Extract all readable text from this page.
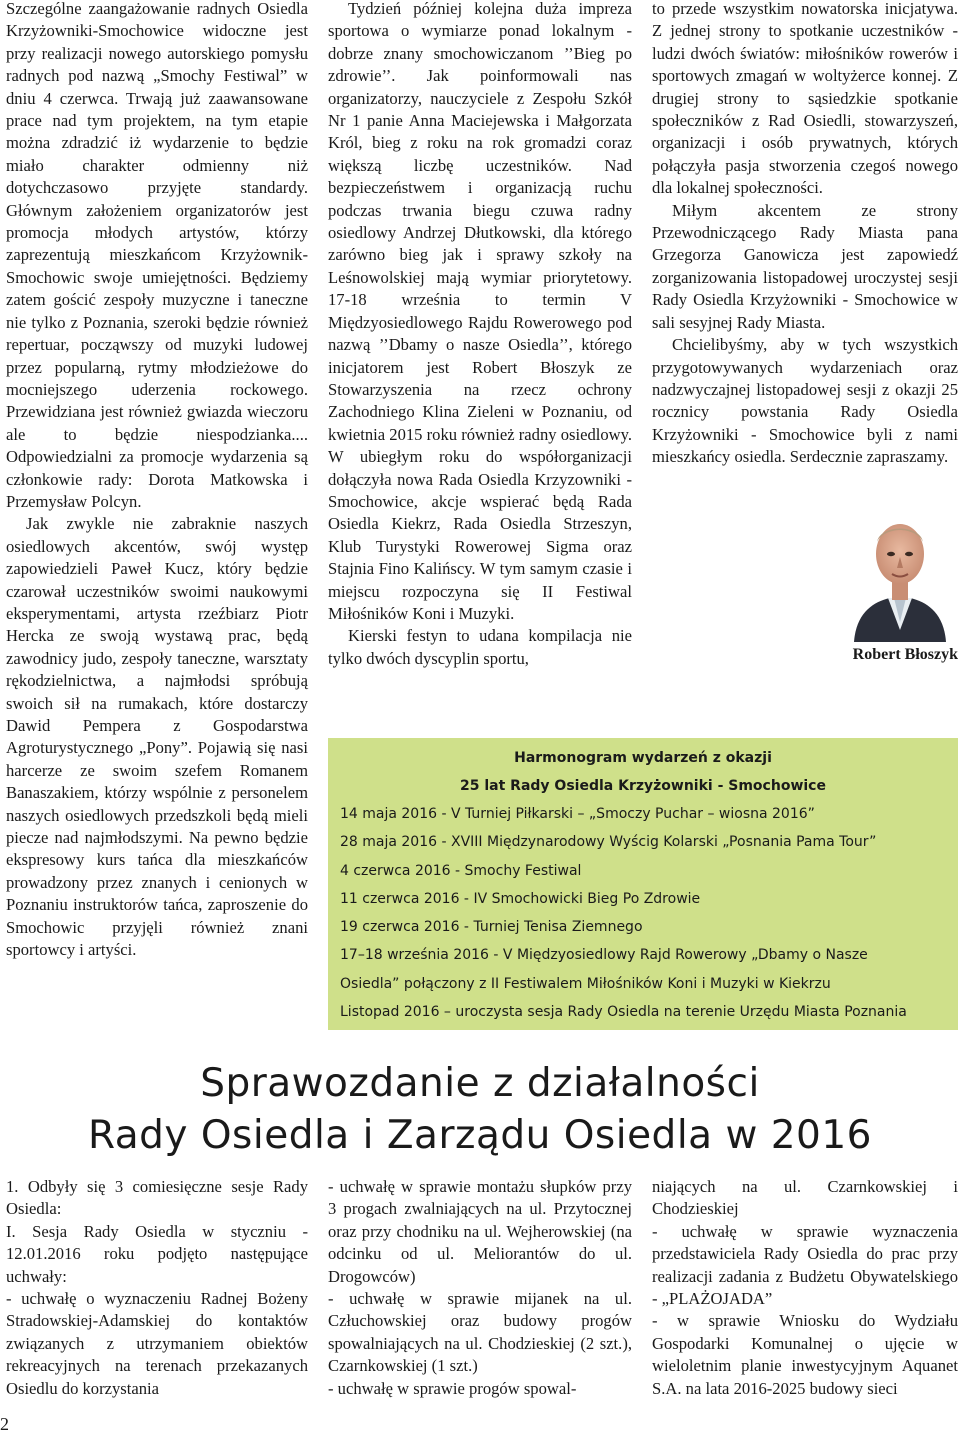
Szczególne zaangażowanie radnych Osiedla Krzyżowniki-Smochowice widoczne jest przy realizacji nowego autorskiego pomysłu radnych pod nazwą „Smochy Festiwal” w dniu 4 czerwca. Trwają już zaawansowane prace nad tym projektem, na tym etapie można zdradzić iż wydarzenie to będzie miało charakter odmienny niż dotychczasowo przyjęte standardy. Głównym założeniem organizatorów jest promocja młodych artystów, którzy zaprezentują mieszkańcom Krzyżownik-Smochowic swoje umiejętności. Będziemy zatem gościć zespoły muzyczne i taneczne nie tylko z Poznania, szeroki będzie również repertuar, począwszy od muzyki ludowej przez popularną, rytmy młodzieżowe do mocniejszego uderzenia rockowego. Przewidziana jest również gwiazda wieczoru ale to będzie niespodzianka.... Odpowiedzialni za promocje wydarzenia są członkowie rady: Dorota Matkowska i Przemysław Polcyn.

Jak zwykle nie zabraknie naszych osiedlowych akcentów, swój występ zapowiedzieli Paweł Kucz, który będzie czarował uczestników swoimi naukowymi eksperymentami, artysta rzeźbiarz Piotr Hercka ze swoją wystawą prac, będą zawodnicy judo, zespoły taneczne, warsztaty rękodzielnictwa, a najmłodsi spróbują swoich sił na rumakach, które dostarczy Dawid Pempera z Gospodarstwa Agroturystycznego „Pony”. Pojawią się nasi harcerze ze swoim szefem Romanem Banaszakiem, którzy wspólnie z personelem naszych osiedlowych przedszkoli będą mieli piecze nad najmłodszymi. Na pewno będzie ekspresowy kurs tańca dla mieszkańców prowadzony przez znanych i cenionych w Poznaniu instruktorów tańca, zaproszenie do Smochowic przyjęli również znani sportowcy i artyści.

Tydzień później kolejna duża impreza sportowa o wymiarze ponad lokalnym - dobrze znany smochowiczanom ’’Bieg po zdrowie’’. Jak poinformowali nas organizatorzy, nauczyciele z Zespołu Szkół Nr 1 panie Anna Maciejewska i Małgorzata Król, bieg z roku na rok gromadzi coraz większą liczbę uczestników. Nad bezpieczeństwem i organizacją ruchu podczas trwania biegu czuwa radny osiedlowy Andrzej Dłutkowski, dla którego zarówno bieg jak i sprawy szkoły na Leśnowolskiej mają wymiar priorytetowy. 17-18 września to termin V Międzyosiedlowego Rajdu Rowerowego pod nazwą ’’Dbamy o nasze Osiedla’’, którego inicjatorem jest Robert Błoszyk ze Stowarzyszenia na rzecz ochrony Zachodniego Klina Zieleni w Poznaniu, od kwietnia 2015 roku również radny osiedlowy. W ubiegłym roku do współorganizacji dołączyła nowa Rada Osiedla Krzyzowniki - Smochowice, akcje wspierać będą Rada Osiedla Kiekrz, Rada Osiedla Strzeszyn, Klub Turystyki Rowerowej Sigma oraz Stajnia Fino Kalińscy. W tym samym czasie i miejscu rozpoczyna się II Festiwal Miłośników Koni i Muzyki.

Kierski festyn to udana kompilacja nie tylko dwóch dyscyplin sportu,

to przede wszystkim nowatorska inicjatywa. Z jednej strony to spotkanie uczestników - ludzi dwóch światów: miłośników rowerów i sportowych zmagań w woltyżerce konnej. Z drugiej strony to sąsiedzkie spotkanie społeczników z Rad Osiedli, stowarzyszeń, organizacji i osób prywatnych, których połączyła pasja stworzenia czegoś nowego dla lokalnej społeczności.

Miłym akcentem ze strony Przewodniczącego Rady Miasta pana Grzegorza Ganowicza jest zapowiedź zorganizowania listopadowej uroczystej sesji Rady Osiedla Krzyżowniki - Smochowice w sali sesyjnej Rady Miasta.

Chcielibyśmy, aby w tych wszystkich przygotowywanych wydarzeniach oraz nadzwyczajnej listopadowej sesji z okazji 25 rocznicy powstania Rady Osiedla Krzyżowniki - Smochowice byli z nami mieszkańcy osiedla. Serdecznie zapraszamy.

Robert Błoszyk
Harmonogram wydarzeń z okazji
25 lat Rady Osiedla Krzyżowniki - Smochowice
14 maja 2016 - V Turniej Piłkarski – „Smoczy Puchar – wiosna 2016”
28 maja 2016 - XVIII Międzynarodowy Wyścig Kolarski „Posnania Pama Tour”
4 czerwca 2016 - Smochy Festiwal
11 czerwca 2016 - IV Smochowicki Bieg Po Zdrowie
19 czerwca 2016 - Turniej Tenisa Ziemnego
17–18 września 2016 - V Międzyosiedlowy Rajd Rowerowy „Dbamy o Nasze
Osiedla” połączony z II Festiwalem Miłośników Koni i Muzyki w Kiekrzu
Listopad 2016 – uroczysta sesja Rady Osiedla na terenie Urzędu Miasta Poznania
Sprawozdanie z działalności
Rady Osiedla i Zarządu Osiedla w 2016

1. Odbyły się 3 comiesięczne sesje Rady Osiedla:

I. Sesja Rady Osiedla w styczniu - 12.01.2016 roku podjęto następujące uchwały:

- uchwałę o wyznaczeniu Radnej Bożeny Stradowskiej-Adamskiej do kontaktów związanych z utrzymaniem obiektów rekreacyjnych na terenach przekazanych Osiedlu do korzystania

- uchwałę w sprawie montażu słupków przy 3 progach zwalniających na ul. Przytocznej oraz przy chodniku na ul. Wejherowskiej (na odcinku od ul. Meliorantów do ul. Drogowców)

- uchwałę w sprawie mijanek na ul. Człuchowskiej oraz budowy progów spowalniających na ul. Chodzieskiej (2 szt.), Czarnkowskiej (1 szt.)

- uchwałę w sprawie progów spowal-

niających na ul. Czarnkowskiej i Chodzieskiej

- uchwałę w sprawie wyznaczenia przedstawiciela Rady Osiedla do prac przy realizacji zadania z Budżetu Obywatelskiego - „PLAŻOJADA”

- w sprawie Wniosku do Wydziału Gospodarki Komunalnej o ujęcie w wieloletnim planie inwestycyjnym Aquanet S.A. na lata 2016-2025 budowy sieci

2
